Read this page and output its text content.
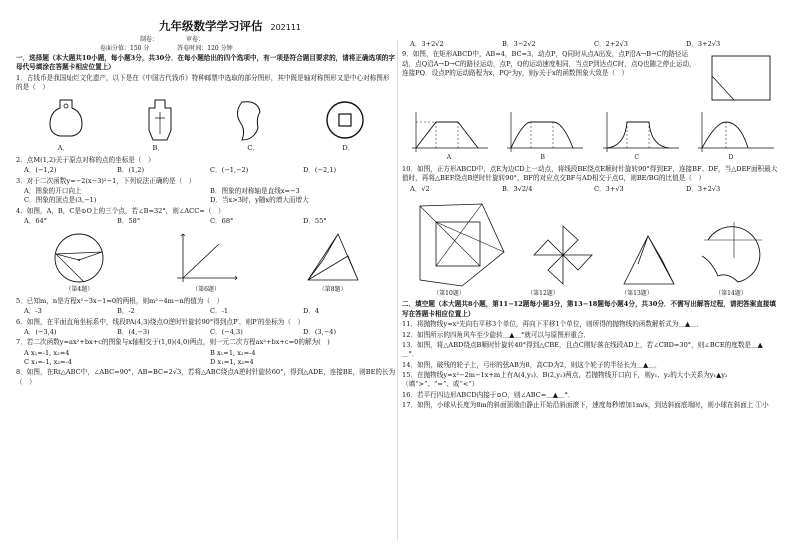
九年级数学学习评估 202111
制卷：	审卷：
卷面分值：150 分	答卷时间：120 分钟
一．选择题（本大题共10小题，每小题3分，共30分．在每小题给出的四个选项中，有一项是符合题目要求的，请将正确选项的字母代号填涂在答题卡相应位置上）
1．古钱币是我国灿烂文化遗产，以下是在《中国古代钱币》特种邮票中选取的部分图形，其中既是轴对称图形又是中心对称图形的是（　）
A．	B．	C．	D．
2．点M(1,2)关于原点对称的点的坐标是（　）
A．(−1,2)	B．(1,2)	C．(−1,−2)	D．(−2,1)
3．对于二次函数y=−2(x−3)²−1，下列说法正确的是（　）
A．图象的开口向上	B．图象的对称轴是直线x=−3
C．图象的顶点是(3,−1)	D．当x>3时，y随x的增大而增大
4．如图，A，B，C是⊙O上的三个点，若∠B=32°，则∠ACC=（　）
A．64°	B．58°	C．68°	D．55°
（第4题）	（第6题）	（第8题）
5．已知m，n是方程x²−3x−1=0的两根，则m²−4m−n的值为（　）
A．-3	B．-2	C．-1	D．4
6．如图，在平面直角坐标系中，线段PA(4,3)绕点O逆时针旋转90°得到点P′，则P′的坐标为（　）
A．(−3,4)	B．(4,−3)	C．(−4,3)	D．(3,−4)
7．若二次函数y=ax²+bx+c的图象与x轴相交于(1,0)(4,0)两点，则一元二次方程ax²+bx+c=0的解为(　)
A x₁=-1, x₂=4	B x₁=1, x₂=-4
C x₁=-1, x₂=-4	D x₁=1, x₂=4
8．如图，在Rt△ABC中，∠ABC=90°，AB=BC=2√3，若将△ABC绕点A逆时针旋转60°，得到△ADE，连接BE，则BE的长为（　）
A．3+2√2	B．3−2√2	C．2+2√3	D．3+2√3
9．如图，在矩形ABCD中，AB=4，BC=3，动点P，Q同时从点A出发，点P沿A→B→C的路径运动，点Q沿A→D→C的路径运动，点P，Q的运动速度相同，当点P到达点C时，点Q也随之停止运动，连接PQ．设点P的运动路程为x，PQ²为y，则y关于x的函数图象大致是（　）
A	B	C	D
10．如图，正方形ABCD中，点E为边CD上一动点，将线段BE绕点E顺时针旋转90°得到EF，连接BF、DF，当△DEF面积最大值时，再将△BEF绕点B逆时针旋转90°，BF的对应点交BF与AD相交于点G，则BE/BG的比值是（　）
A．√2	B．3√2/4	C．3+√3	D．3+2√3
（第10题）	（第12题）	（第13题）	（第14题）
二．填空题（本大题共8小题，第11−12题每小题3分，第13−18题每小题4分，共30分．不需写出解答过程，请把答案直接填写在答题卡相应位置上）
11．将抛物线y=x²先向右平移3个单位，再向下平移1个单位，则所得的抛物线的函数解析式为＿▲＿．
12．如图所示的四角风车至少旋转＿▲＿°就可以与原图形重合．
13．如图，将△ABD绕点B顺时针旋转40°得到△CBE，且点C刚好落在线段AD上，若∠CBD=30°，则∠BCE的度数是＿▲＿°．
14．如图，破残的轮子上，弓形的弦AB为8，高CD为2，则这个轮子的半径长为＿▲＿．
15．在抛物线y=x²−2m−1x+m上有A(4,y₁)、B(2,y₂)两点，若抛物线开口向下，则y₁、y₂的大小关系为y₁▲y₂（填“>”、“=”、或“<”）
16．若平行四边形ABCD内接于⊙O，则∠ABC=＿▲＿°．
17．如图，小球从长度为8m的斜面顶端由静止开始沿斜面滚下，速度每秒增加1m/s，到达斜面底端时，则小球在斜面上 ①小
